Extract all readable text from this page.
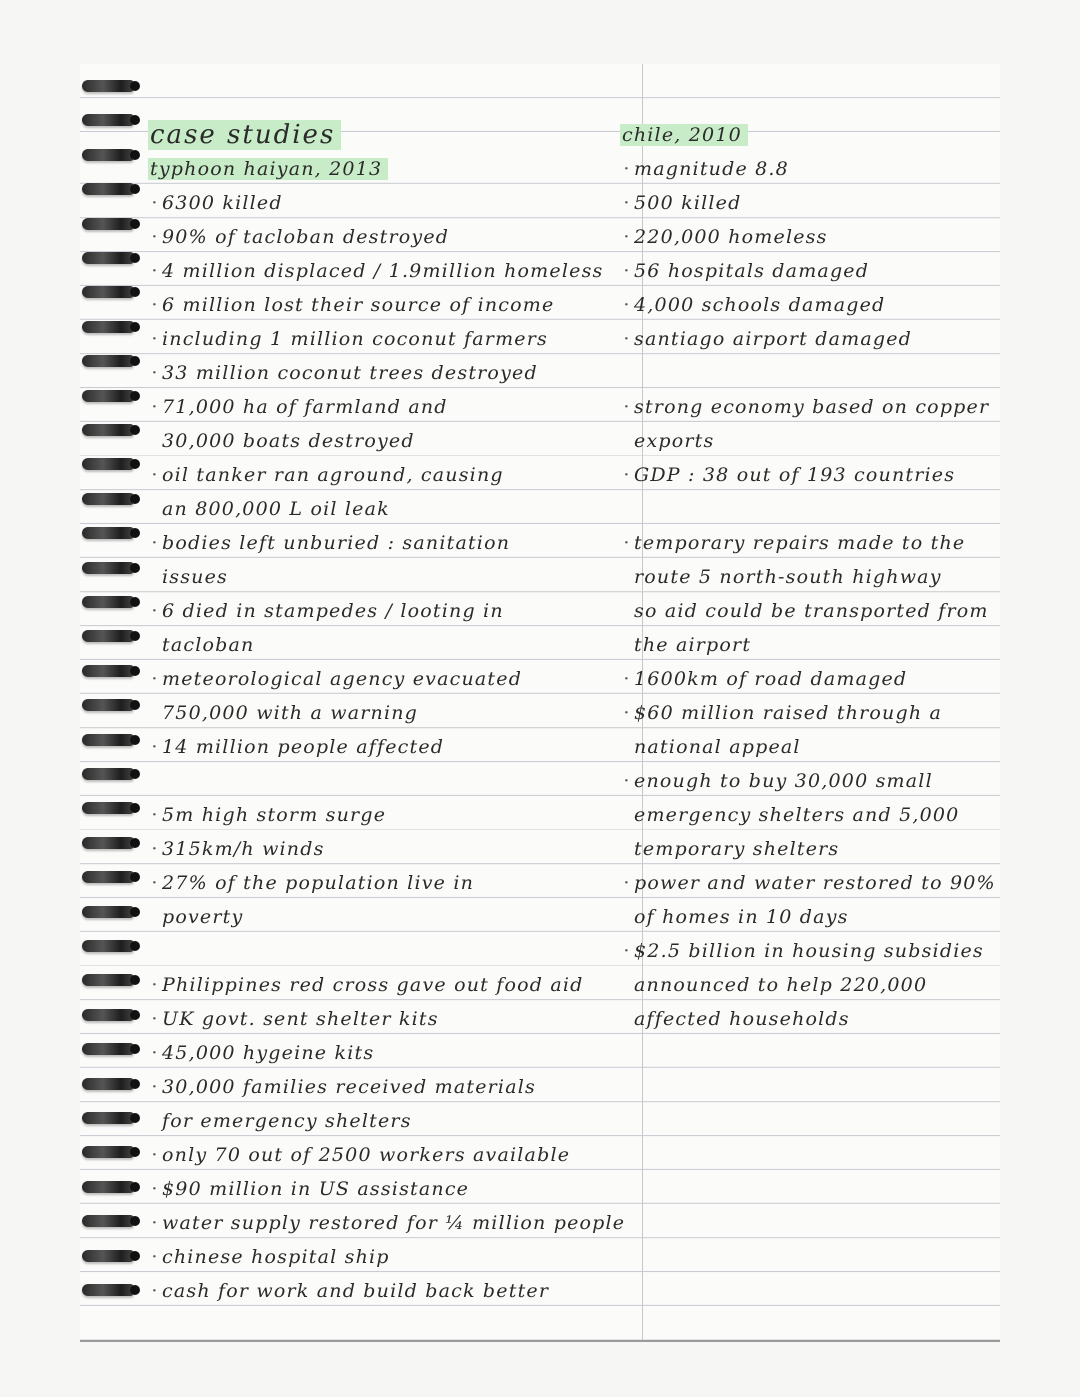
case studies
typhoon haiyan, 2013
· 6300 killed
· 90% of tacloban destroyed
· 4 million displaced / 1.9million homeless
· 6 million lost their source of income
· including 1 million coconut farmers
· 33 million coconut trees destroyed
· 71,000 ha of farmland and
30,000 boats destroyed
· oil tanker ran aground, causing
an 800,000 L oil leak
· bodies left unburied : sanitation
issues
· 6 died in stampedes / looting in
tacloban
· meteorological agency evacuated
750,000 with a warning
· 14 million people affected
· 5m high storm surge
· 315km/h winds
· 27% of the population live in
poverty
· Philippines red cross gave out food aid
· UK govt. sent shelter kits
· 45,000 hygeine kits
· 30,000 families received materials
for emergency shelters
· only 70 out of 2500 workers available
· $90 million in US assistance
· water supply restored for ¼ million people
· chinese hospital ship
· cash for work and build back better
chile, 2010
· magnitude 8.8
· 500 killed
· 220,000 homeless
· 56 hospitals damaged
· 4,000 schools damaged
· santiago airport damaged
· strong economy based on copper
exports
· GDP : 38 out of 193 countries
· temporary repairs made to the
route 5 north-south highway
so aid could be transported from
the airport
· 1600km of road damaged
· $60 million raised through a
national appeal
· enough to buy 30,000 small
emergency shelters and 5,000
temporary shelters
· power and water restored to 90%
of homes in 10 days
· $2.5 billion in housing subsidies
announced to help 220,000
affected households
